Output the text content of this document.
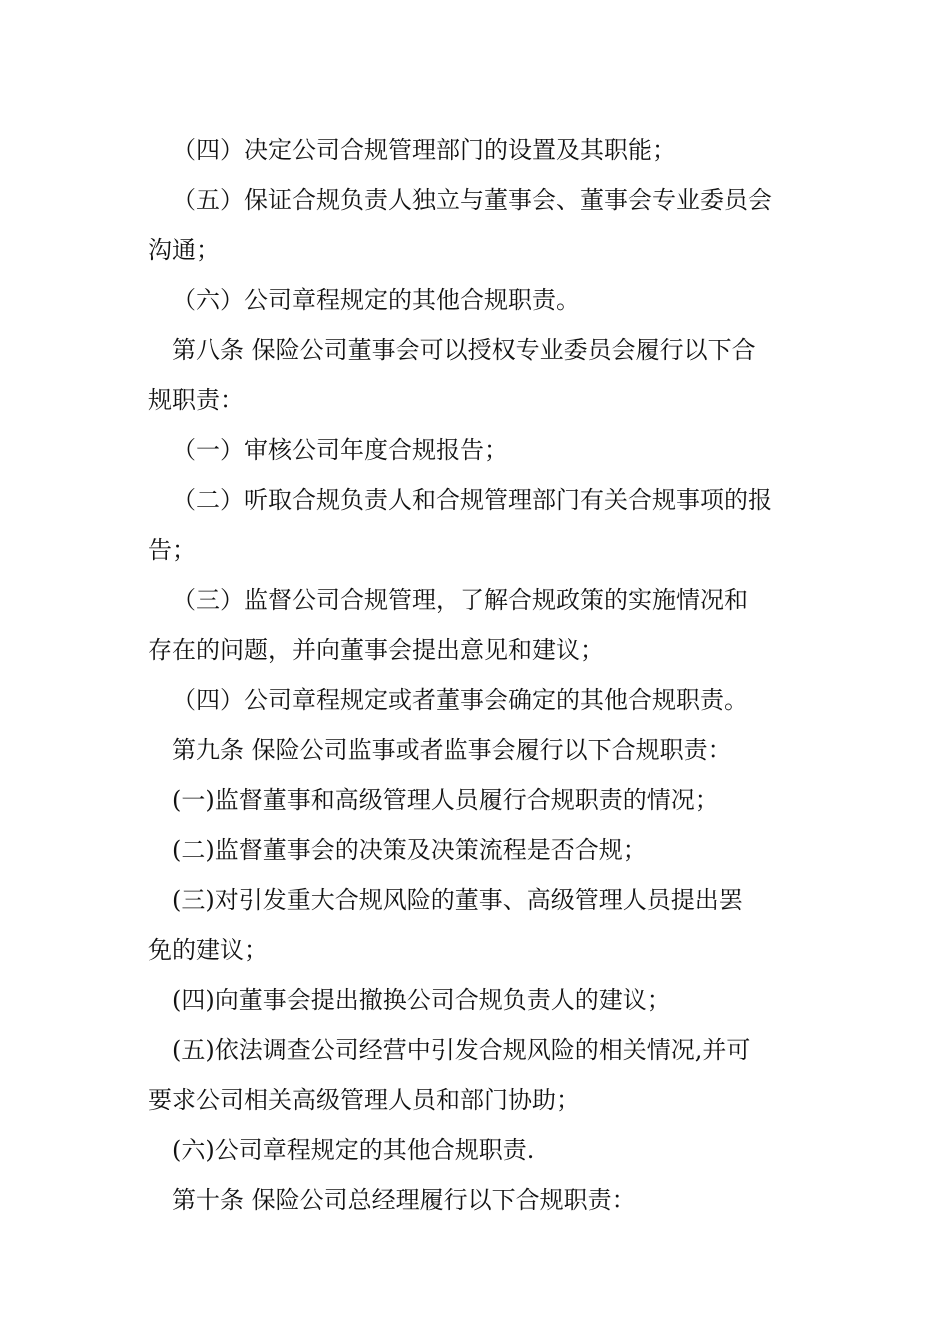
（四）决定公司合规管理部门的设置及其职能；
（五）保证合规负责人独立与董事会、董事会专业委员会
沟通；
（六）公司章程规定的其他合规职责。
第八条 保险公司董事会可以授权专业委员会履行以下合
规职责：
（一）审核公司年度合规报告；
（二）听取合规负责人和合规管理部门有关合规事项的报
告；
（三）监督公司合规管理，了解合规政策的实施情况和
存在的问题，并向董事会提出意见和建议；
（四）公司章程规定或者董事会确定的其他合规职责。
第九条 保险公司监事或者监事会履行以下合规职责：
(一)监督董事和高级管理人员履行合规职责的情况；
(二)监督董事会的决策及决策流程是否合规；
(三)对引发重大合规风险的董事、高级管理人员提出罢
免的建议；
(四)向董事会提出撤换公司合规负责人的建议；
(五)依法调查公司经营中引发合规风险的相关情况,并可
要求公司相关高级管理人员和部门协助；
(六)公司章程规定的其他合规职责.
第十条 保险公司总经理履行以下合规职责：
